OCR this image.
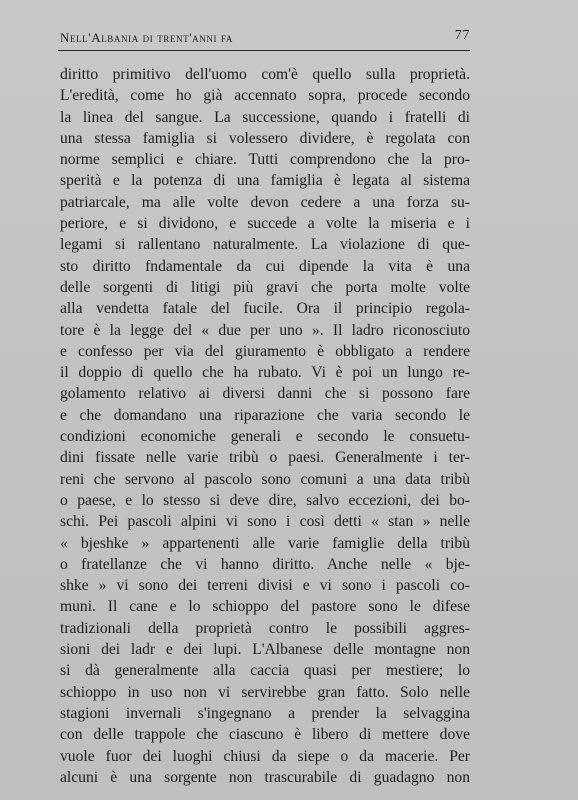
Nell'Albania di trent'anni fa	77
diritto primitivo dell'uomo com'è quello sulla proprietà.
L'eredità, come ho già accennato sopra, procede secondo
la linea del sangue. La successione, quando i fratelli di
una stessa famiglia si volessero dividere, è regolata con
norme semplici e chiare. Tutti comprendono che la pro-
sperità e la potenza di una famiglia è legata al sistema
patriarcale, ma alle volte devon cedere a una forza su-
periore, e si dividono, e succede a volte la miseria e i
legami si rallentano naturalmente. La violazione di que-
sto diritto fndamentale da cui dipende la vita è una
delle sorgenti di litigi più gravi che porta molte volte
alla vendetta fatale del fucile. Ora il principio regola-
tore è la legge del « due per uno ». Il ladro riconosciuto
e confesso per via del giuramento è obbligato a rendere
il doppio di quello che ha rubato. Vi è poi un lungo re-
golamento relativo ai diversi danni che si possono fare
e che domandano una riparazione che varia secondo le
condizioni economiche generali e secondo le consuetu-
dini fissate nelle varie tribù o paesi. Generalmente i ter-
reni che servono al pascolo sono comuni a una data tribù
o paese, e lo stesso si deve dire, salvo eccezioni, dei bo-
schi. Pei pascoli alpini vi sono i così detti « stan » nelle
« bjeshke » appartenenti alle varie famiglie della tribù
o fratellanze che vi hanno diritto. Anche nelle « bje-
shke » vi sono dei terreni divisi e vi sono i pascoli co-
muni. Il cane e lo schioppo del pastore sono le difese
tradizionali della proprietà contro le possibili aggres-
sioni dei ladr e dei lupi. L'Albanese delle montagne non
si dà generalmente alla caccia quasi per mestiere; lo
schioppo in uso non vi servirebbe gran fatto. Solo nelle
stagioni invernali s'ingegnano a prender la selvaggina
con delle trappole che ciascuno è libero di mettere dove
vuole fuor dei luoghi chiusi da siepe o da macerie. Per
alcuni è una sorgente non trascurabile di guadagno non
